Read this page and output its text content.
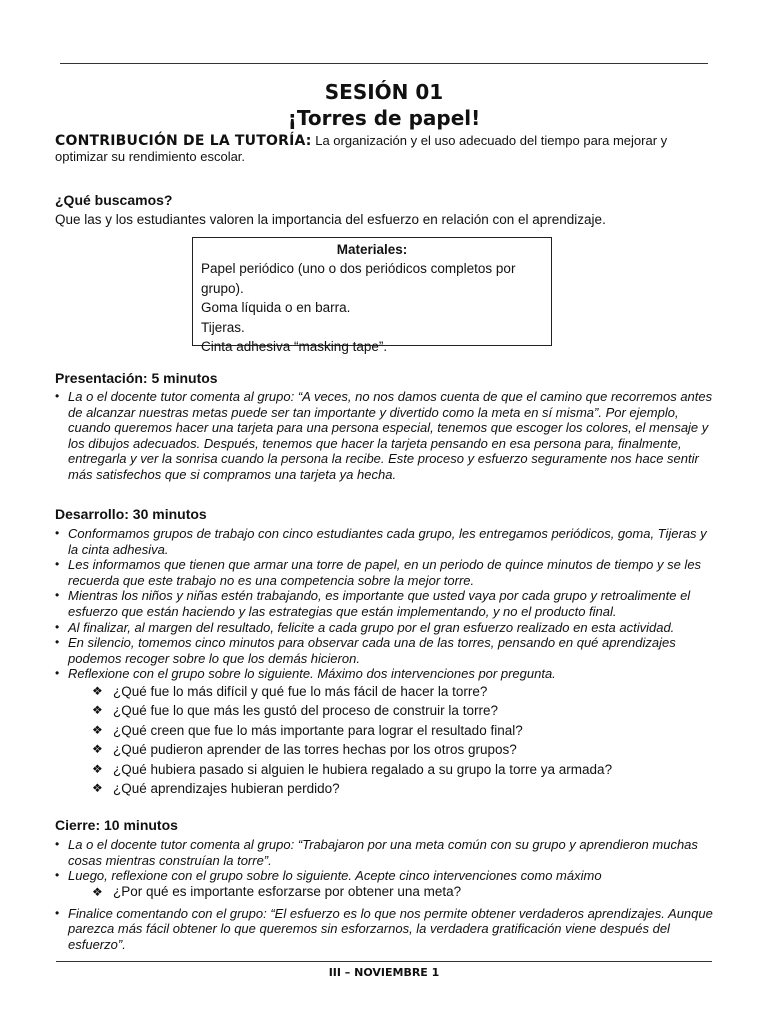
SESIÓN 01
¡Torres de papel!

CONTRIBUCIÓN DE LA TUTORÍA: La organización y el uso adecuado del tiempo para mejorar y optimizar su rendimiento escolar.

¿Qué buscamos?

Que las y los estudiantes valoren la importancia del esfuerzo en relación con el aprendizaje.

Materiales:
Papel periódico (uno o dos periódicos completos por grupo).
Goma líquida o en barra.
Tijeras.
Cinta adhesiva “masking tape”.
Presentación: 5 minutos
• La o el docente tutor comenta al grupo: “A veces, no nos damos cuenta de que el camino que recorremos antes de alcanzar nuestras metas puede ser tan importante y divertido como la meta en sí misma”. Por ejemplo, cuando queremos hacer una tarjeta para una persona especial, tenemos que escoger los colores, el mensaje y los dibujos adecuados. Después, tenemos que hacer la tarjeta pensando en esa persona para, finalmente, entregarla y ver la sonrisa cuando la persona la recibe. Este proceso y esfuerzo seguramente nos hace sentir más satisfechos que si compramos una tarjeta ya hecha.
Desarrollo: 30 minutos
• Conformamos grupos de trabajo con cinco estudiantes cada grupo, les entregamos periódicos, goma, Tijeras y la cinta adhesiva.
• Les informamos que tienen que armar una torre de papel, en un periodo de quince minutos de tiempo y se les recuerda que este trabajo no es una competencia sobre la mejor torre.
• Mientras los niños y niñas estén trabajando, es importante que usted vaya por cada grupo y retroalimente el esfuerzo que están haciendo y las estrategias que están implementando, y no el producto final.
• Al finalizar, al margen del resultado, felicite a cada grupo por el gran esfuerzo realizado en esta actividad.
• En silencio, tomemos cinco minutos para observar cada una de las torres, pensando en qué aprendizajes podemos recoger sobre lo que los demás hicieron.
• Reflexione con el grupo sobre lo siguiente. Máximo dos intervenciones por pregunta.
❖ ¿Qué fue lo más difícil y qué fue lo más fácil de hacer la torre?
❖ ¿Qué fue lo que más les gustó del proceso de construir la torre?
❖ ¿Qué creen que fue lo más importante para lograr el resultado final?
❖ ¿Qué pudieron aprender de las torres hechas por los otros grupos?
❖ ¿Qué hubiera pasado si alguien le hubiera regalado a su grupo la torre ya armada?
❖ ¿Qué aprendizajes hubieran perdido?
Cierre: 10 minutos
• La o el docente tutor comenta al grupo: “Trabajaron por una meta común con su grupo y aprendieron muchas cosas mientras construían la torre”.
• Luego, reflexione con el grupo sobre lo siguiente. Acepte cinco intervenciones como máximo
❖ ¿Por qué es importante esforzarse por obtener una meta?
• Finalice comentando con el grupo: “El esfuerzo es lo que nos permite obtener verdaderos aprendizajes. Aunque parezca más fácil obtener lo que queremos sin esforzarnos, la verdadera gratificación viene después del esfuerzo”.
III – NOVIEMBRE 1
